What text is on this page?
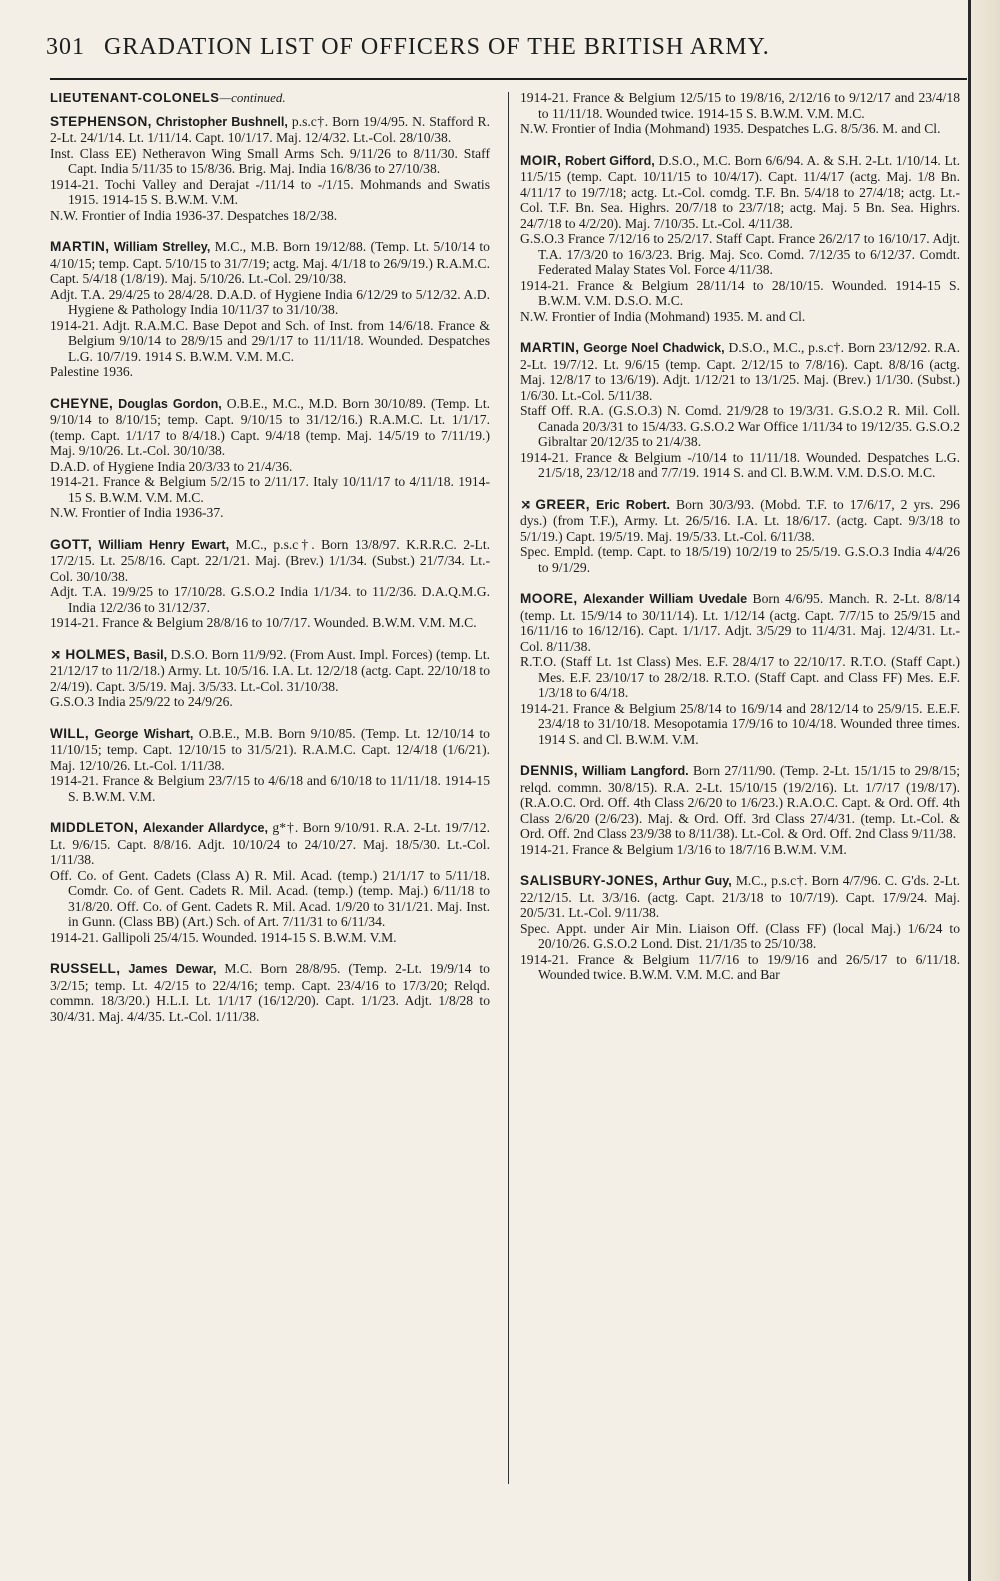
301 GRADATION LIST OF OFFICERS OF THE BRITISH ARMY.
LIEUTENANT-COLONELS—continued.

STEPHENSON, Christopher Bushnell, p.s.c†. Born 19/4/95. N. Stafford R. 2-Lt. 24/1/14. Lt. 1/11/14. Capt. 10/1/17. Maj. 12/4/32. Lt.-Col. 28/10/38.

Inst. Class EE) Netheravon Wing Small Arms Sch. 9/11/26 to 8/11/30. Staff Capt. India 5/11/35 to 15/8/36. Brig. Maj. India 16/8/36 to 27/10/38.

1914-21. Tochi Valley and Derajat -/11/14 to -/1/15. Mohmands and Swatis 1915. 1914-15 S. B.W.M. V.M.

N.W. Frontier of India 1936-37. Despatches 18/2/38.

MARTIN, William Strelley, M.C., M.B. Born 19/12/88. (Temp. Lt. 5/10/14 to 4/10/15; temp. Capt. 5/10/15 to 31/7/19; actg. Maj. 4/1/18 to 26/9/19.) R.A.M.C. Capt. 5/4/18 (1/8/19). Maj. 5/10/26. Lt.-Col. 29/10/38.

Adjt. T.A. 29/4/25 to 28/4/28. D.A.D. of Hygiene India 6/12/29 to 5/12/32. A.D. Hygiene & Pathology India 10/11/37 to 31/10/38.

1914-21. Adjt. R.A.M.C. Base Depot and Sch. of Inst. from 14/6/18. France & Belgium 9/10/14 to 28/9/15 and 29/1/17 to 11/11/18. Wounded. Despatches L.G. 10/7/19. 1914 S. B.W.M. V.M. M.C.

Palestine 1936.

CHEYNE, Douglas Gordon, O.B.E., M.C., M.D. Born 30/10/89. (Temp. Lt. 9/10/14 to 8/10/15; temp. Capt. 9/10/15 to 31/12/16.) R.A.M.C. Lt. 1/1/17. (temp. Capt. 1/1/17 to 8/4/18.) Capt. 9/4/18 (temp. Maj. 14/5/19 to 7/11/19.) Maj. 9/10/26. Lt.-Col. 30/10/38.

D.A.D. of Hygiene India 20/3/33 to 21/4/36.

1914-21. France & Belgium 5/2/15 to 2/11/17. Italy 10/11/17 to 4/11/18. 1914-15 S. B.W.M. V.M. M.C.

N.W. Frontier of India 1936-37.

GOTT, William Henry Ewart, M.C., p.s.c†. Born 13/8/97. K.R.R.C. 2-Lt. 17/2/15. Lt. 25/8/16. Capt. 22/1/21. Maj. (Brev.) 1/1/34. (Subst.) 21/7/34. Lt.-Col. 30/10/38.

Adjt. T.A. 19/9/25 to 17/10/28. G.S.O.2 India 1/1/34. to 11/2/36. D.A.Q.M.G. India 12/2/36 to 31/12/37.

1914-21. France & Belgium 28/8/16 to 10/7/17. Wounded. B.W.M. V.M. M.C.

⤨ HOLMES, Basil, D.S.O. Born 11/9/92. (From Aust. Impl. Forces) (temp. Lt. 21/12/17 to 11/2/18.) Army. Lt. 10/5/16. I.A. Lt. 12/2/18 (actg. Capt. 22/10/18 to 2/4/19). Capt. 3/5/19. Maj. 3/5/33. Lt.-Col. 31/10/38.

G.S.O.3 India 25/9/22 to 24/9/26.

WILL, George Wishart, O.B.E., M.B. Born 9/10/85. (Temp. Lt. 12/10/14 to 11/10/15; temp. Capt. 12/10/15 to 31/5/21). R.A.M.C. Capt. 12/4/18 (1/6/21). Maj. 12/10/26. Lt.-Col. 1/11/38.

1914-21. France & Belgium 23/7/15 to 4/6/18 and 6/10/18 to 11/11/18. 1914-15 S. B.W.M. V.M.

MIDDLETON, Alexander Allardyce, g*†. Born 9/10/91. R.A. 2-Lt. 19/7/12. Lt. 9/6/15. Capt. 8/8/16. Adjt. 10/10/24 to 24/10/27. Maj. 18/5/30. Lt.-Col. 1/11/38.

Off. Co. of Gent. Cadets (Class A) R. Mil. Acad. (temp.) 21/1/17 to 5/11/18. Comdr. Co. of Gent. Cadets R. Mil. Acad. (temp.) (temp. Maj.) 6/11/18 to 31/8/20. Off. Co. of Gent. Cadets R. Mil. Acad. 1/9/20 to 31/1/21. Maj. Inst. in Gunn. (Class BB) (Art.) Sch. of Art. 7/11/31 to 6/11/34.

1914-21. Gallipoli 25/4/15. Wounded. 1914-15 S. B.W.M. V.M.

RUSSELL, James Dewar, M.C. Born 28/8/95. (Temp. 2-Lt. 19/9/14 to 3/2/15; temp. Lt. 4/2/15 to 22/4/16; temp. Capt. 23/4/16 to 17/3/20; Relqd. commn. 18/3/20.) H.L.I. Lt. 1/1/17 (16/12/20). Capt. 1/1/23. Adjt. 1/8/28 to 30/4/31. Maj. 4/4/35. Lt.-Col. 1/11/38.

1914-21. France & Belgium 12/5/15 to 19/8/16, 2/12/16 to 9/12/17 and 23/4/18 to 11/11/18. Wounded twice. 1914-15 S. B.W.M. V.M. M.C.

N.W. Frontier of India (Mohmand) 1935. Despatches L.G. 8/5/36. M. and Cl.

MOIR, Robert Gifford, D.S.O., M.C. Born 6/6/94. A. & S.H. 2-Lt. 1/10/14. Lt. 11/5/15 (temp. Capt. 10/11/15 to 10/4/17). Capt. 11/4/17 (actg. Maj. 1/8 Bn. 4/11/17 to 19/7/18; actg. Lt.-Col. comdg. T.F. Bn. 5/4/18 to 27/4/18; actg. Lt.-Col. T.F. Bn. Sea. Highrs. 20/7/18 to 23/7/18; actg. Maj. 5 Bn. Sea. Highrs. 24/7/18 to 4/2/20). Maj. 7/10/35. Lt.-Col. 4/11/38.

G.S.O.3 France 7/12/16 to 25/2/17. Staff Capt. France 26/2/17 to 16/10/17. Adjt. T.A. 17/3/20 to 16/3/23. Brig. Maj. Sco. Comd. 7/12/35 to 6/12/37. Comdt. Federated Malay States Vol. Force 4/11/38.

1914-21. France & Belgium 28/11/14 to 28/10/15. Wounded. 1914-15 S. B.W.M. V.M. D.S.O. M.C.

N.W. Frontier of India (Mohmand) 1935. M. and Cl.

MARTIN, George Noel Chadwick, D.S.O., M.C., p.s.c†. Born 23/12/92. R.A. 2-Lt. 19/7/12. Lt. 9/6/15 (temp. Capt. 2/12/15 to 7/8/16). Capt. 8/8/16 (actg. Maj. 12/8/17 to 13/6/19). Adjt. 1/12/21 to 13/1/25. Maj. (Brev.) 1/1/30. (Subst.) 1/6/30. Lt.-Col. 5/11/38.

Staff Off. R.A. (G.S.O.3) N. Comd. 21/9/28 to 19/3/31. G.S.O.2 R. Mil. Coll. Canada 20/3/31 to 15/4/33. G.S.O.2 War Office 1/11/34 to 19/12/35. G.S.O.2 Gibraltar 20/12/35 to 21/4/38.

1914-21. France & Belgium -/10/14 to 11/11/18. Wounded. Despatches L.G. 21/5/18, 23/12/18 and 7/7/19. 1914 S. and Cl. B.W.M. V.M. D.S.O. M.C.

⤨ GREER, Eric Robert. Born 30/3/93. (Mobd. T.F. to 17/6/17, 2 yrs. 296 dys.) (from T.F.), Army. Lt. 26/5/16. I.A. Lt. 18/6/17. (actg. Capt. 9/3/18 to 5/1/19.) Capt. 19/5/19. Maj. 19/5/33. Lt.-Col. 6/11/38.

Spec. Empld. (temp. Capt. to 18/5/19) 10/2/19 to 25/5/19. G.S.O.3 India 4/4/26 to 9/1/29.

MOORE, Alexander William Uvedale Born 4/6/95. Manch. R. 2-Lt. 8/8/14 (temp. Lt. 15/9/14 to 30/11/14). Lt. 1/12/14 (actg. Capt. 7/7/15 to 25/9/15 and 16/11/16 to 16/12/16). Capt. 1/1/17. Adjt. 3/5/29 to 11/4/31. Maj. 12/4/31. Lt.-Col. 8/11/38.

R.T.O. (Staff Lt. 1st Class) Mes. E.F. 28/4/17 to 22/10/17. R.T.O. (Staff Capt.) Mes. E.F. 23/10/17 to 28/2/18. R.T.O. (Staff Capt. and Class FF) Mes. E.F. 1/3/18 to 6/4/18.

1914-21. France & Belgium 25/8/14 to 16/9/14 and 28/12/14 to 25/9/15. E.E.F. 23/4/18 to 31/10/18. Mesopotamia 17/9/16 to 10/4/18. Wounded three times. 1914 S. and Cl. B.W.M. V.M.

DENNIS, William Langford. Born 27/11/90. (Temp. 2-Lt. 15/1/15 to 29/8/15; relqd. commn. 30/8/15). R.A. 2-Lt. 15/10/15 (19/2/16). Lt. 1/7/17 (19/8/17). (R.A.O.C. Ord. Off. 4th Class 2/6/20 to 1/6/23.) R.A.O.C. Capt. & Ord. Off. 4th Class 2/6/20 (2/6/23). Maj. & Ord. Off. 3rd Class 27/4/31. (temp. Lt.-Col. & Ord. Off. 2nd Class 23/9/38 to 8/11/38). Lt.-Col. & Ord. Off. 2nd Class 9/11/38.

1914-21. France & Belgium 1/3/16 to 18/7/16 B.W.M. V.M.

SALISBURY-JONES, Arthur Guy, M.C., p.s.c†. Born 4/7/96. C. G'ds. 2-Lt. 22/12/15. Lt. 3/3/16. (actg. Capt. 21/3/18 to 10/7/19). Capt. 17/9/24. Maj. 20/5/31. Lt.-Col. 9/11/38.

Spec. Appt. under Air Min. Liaison Off. (Class FF) (local Maj.) 1/6/24 to 20/10/26. G.S.O.2 Lond. Dist. 21/1/35 to 25/10/38.

1914-21. France & Belgium 11/7/16 to 19/9/16 and 26/5/17 to 6/11/18. Wounded twice. B.W.M. V.M. M.C. and Bar
